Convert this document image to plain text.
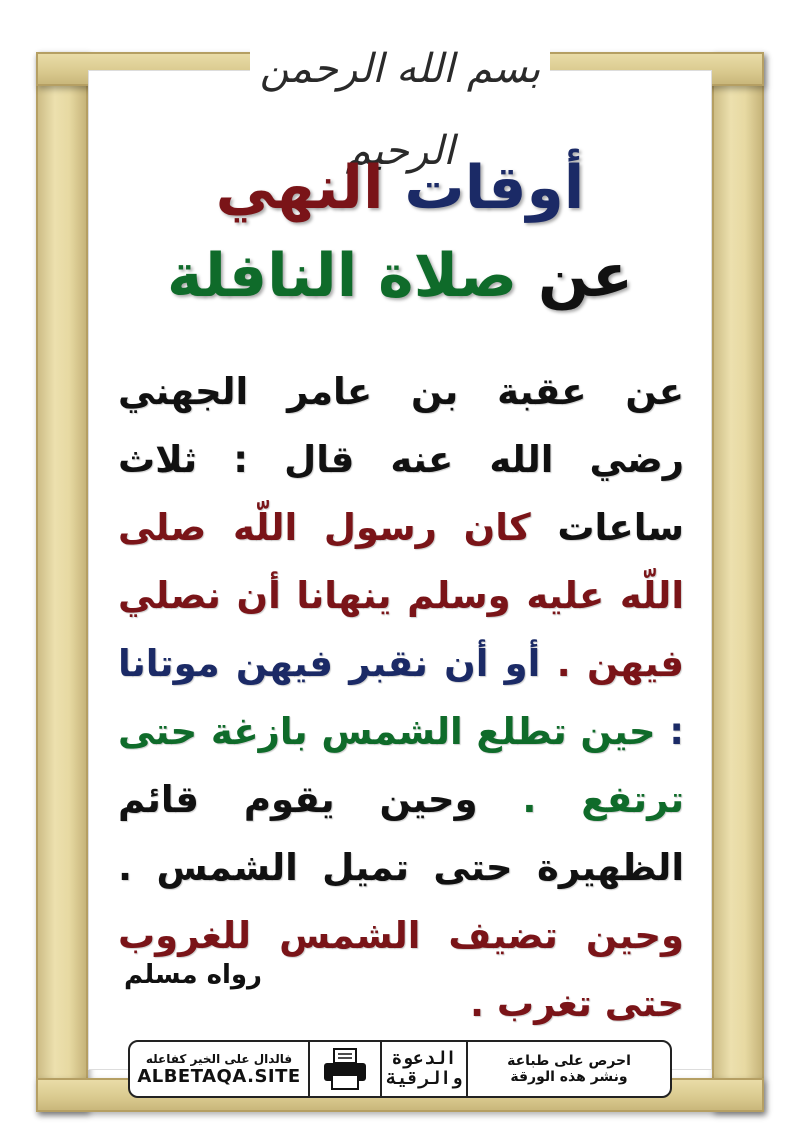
بسم الله الرحمن الرحيم
أوقات النهي
عن صلاة النافلة
عن عقبة بن عامر الجهني رضي الله عنه قال : ثلاث ساعات كان رسول اللّه صلى اللّه عليه وسلم ينهانا أن نصلي فيهن . أو أن نقبر فيهن موتانا : حين تطلع الشمس بازغة حتى ترتفع . وحين يقوم قائم الظهيرة حتى تميل الشمس . وحين تضيف الشمس للغروب حتى تغرب .
رواه مسلم
فالدال على الخير كفاعله
ALBETAQA.SITE
الدعوة والرقية
احرص على طباعة
ونشر هذه الورقة
